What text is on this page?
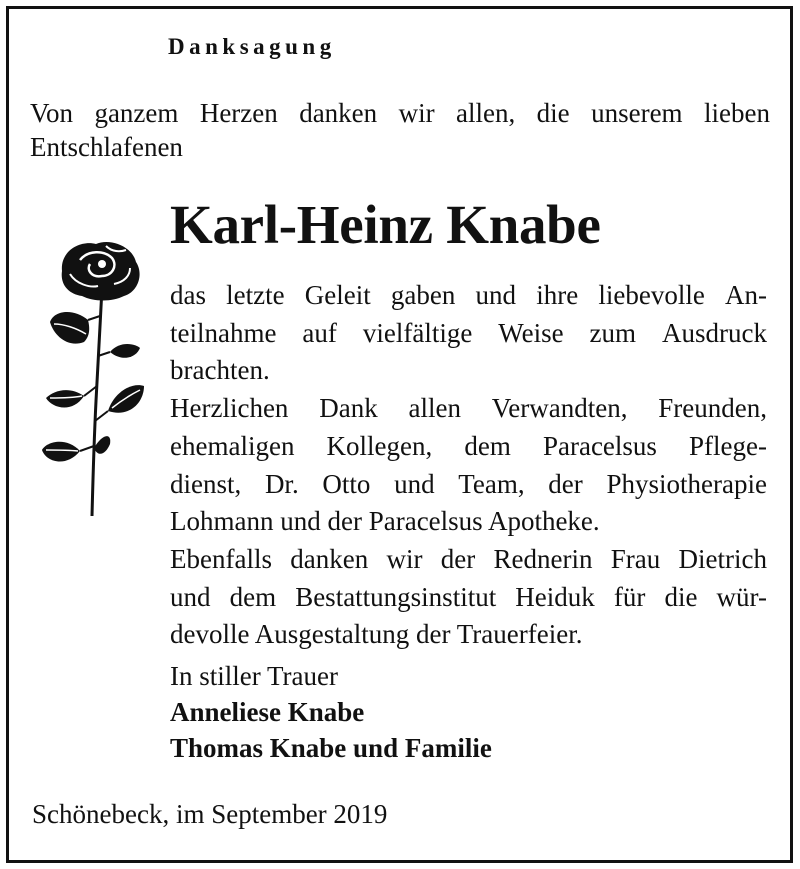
Danksagung
Von ganzem Herzen danken wir allen, die unserem lieben
Entschlafenen
Karl-Heinz Knabe
das letzte Geleit gaben und ihre liebevolle An-
teilnahme auf vielfältige Weise zum Ausdruck
brachten.
Herzlichen Dank allen Verwandten, Freunden,
ehemaligen Kollegen, dem Paracelsus Pflege-
dienst, Dr. Otto und Team, der Physiotherapie
Lohmann und der Paracelsus Apotheke.
Ebenfalls danken wir der Rednerin Frau Dietrich
und dem Bestattungsinstitut Heiduk für die wür-
devolle Ausgestaltung der Trauerfeier.
In stiller Trauer
Anneliese Knabe
Thomas Knabe und Familie
Schönebeck, im September 2019
